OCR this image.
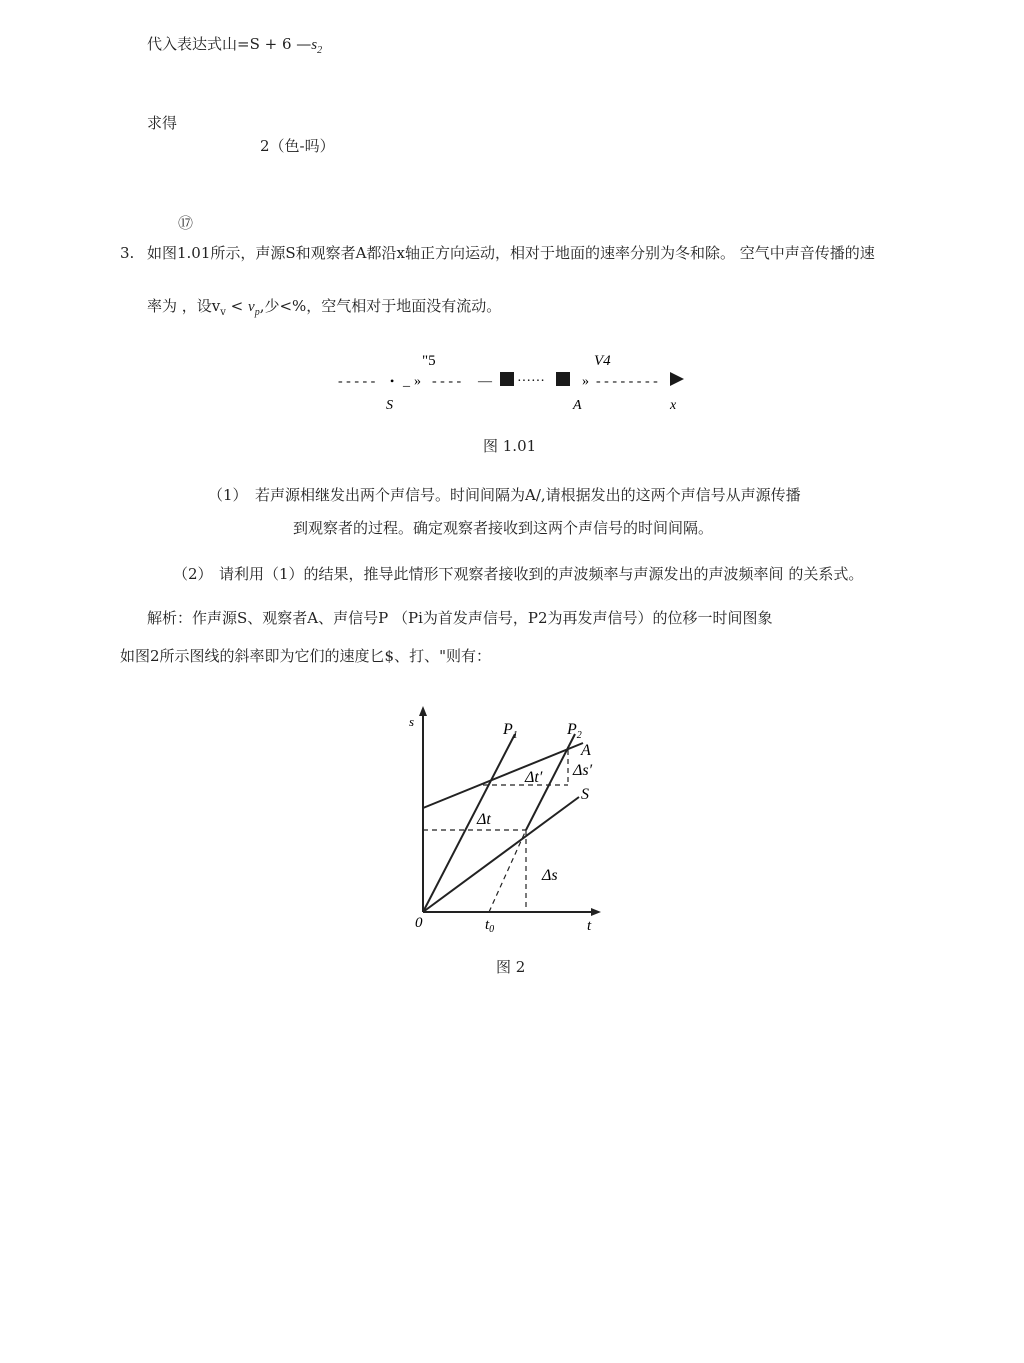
代入表达式山=S + 6 $—s_2$
求得
2（色-吗）
⑰
3. 如图1.01所示，声源S和观察者A都沿x轴正方向运动，相对于地面的速率分别为冬和除。 空气中声音传播的速
率为 ，设$v_v < v_p$,少<%，空气相对于地面没有流动。
"5	V4
- - - - - • _ » - - - - — ······	» - - - - - - - -
S	A	x
图 1.01
（1） 若声源相继发出两个声信号。时间间隔为A/,请根据发出的这两个声信号从声源传播
到观察者的过程。确定观察者接收到这两个声信号的时间间隔。
（2） 请利用（1）的结果，推导此情形下观察者接收到的声波频率与声源发出的声波频率间 的关系式。
解析：作声源S、观察者A、声信号P （Pi为首发声信号，P2为再发声信号）的位移一时间图象
如图2所示图线的斜率即为它们的速度匕$、打、"则有：
s
t
0
$P_1$	$P_2$
A
S
Δt′ Δs′
Δt
Δs
$t_0$
图 2
